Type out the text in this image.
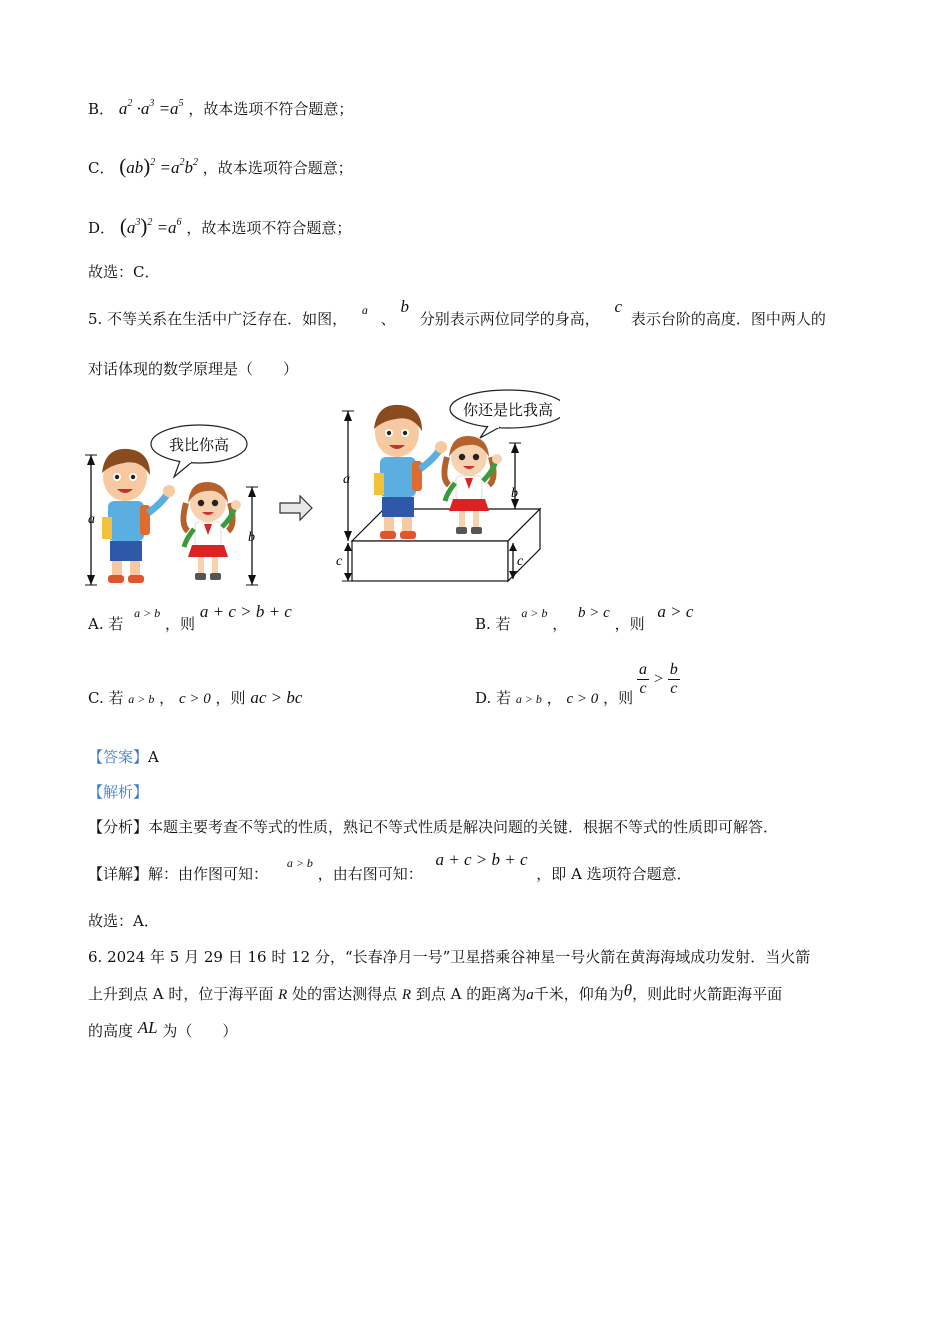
B． $a^2 \cdot a^3 =a^5$ ，故本选项不符合题意；
C． $(ab)^2 =a^2b^2$ ，故本选项符合题意；
D． $(a^3)^2 =a^6$ ，故本选项不符合题意；
故选：C．
5. 不等关系在生活中广泛存在．如图， $^a$ 、 b 分别表示两位同学的身高， c 表示台阶的高度．图中两人的
对话体现的数学原理是（　　）
a
b
我比你高
a
c
b
c
你还是比我高
A. 若 $^{a > b}$ ，则 a + c > b + c
B. 若 $^{a > b}$ ， b > c ，则 a > c
C. 若 a > b ， c > 0 ，则 ac > bc	D. 若 a > b ， c > 0 ，则 $\frac{a}{c} > \frac{b}{c}$
【答案】A
【解析】
【分析】本题主要考查不等式的性质，熟记不等式性质是解决问题的关键．根据不等式的性质即可解答．
【详解】解：由作图可知： $^{a > b}$ ，由右图可知： a + c > b + c ，即 A 选项符合题意．
故选：A．
6. 2024 年 5 月 29 日 16 时 12 分，“长春净月一号”卫星搭乘谷神星一号火箭在黄海海域成功发射．当火箭
上升到点 A 时，位于海平面 R 处的雷达测得点 R 到点 A 的距离为a千米，仰角为θ，则此时火箭距海平面
的高度 AL 为（　　）
